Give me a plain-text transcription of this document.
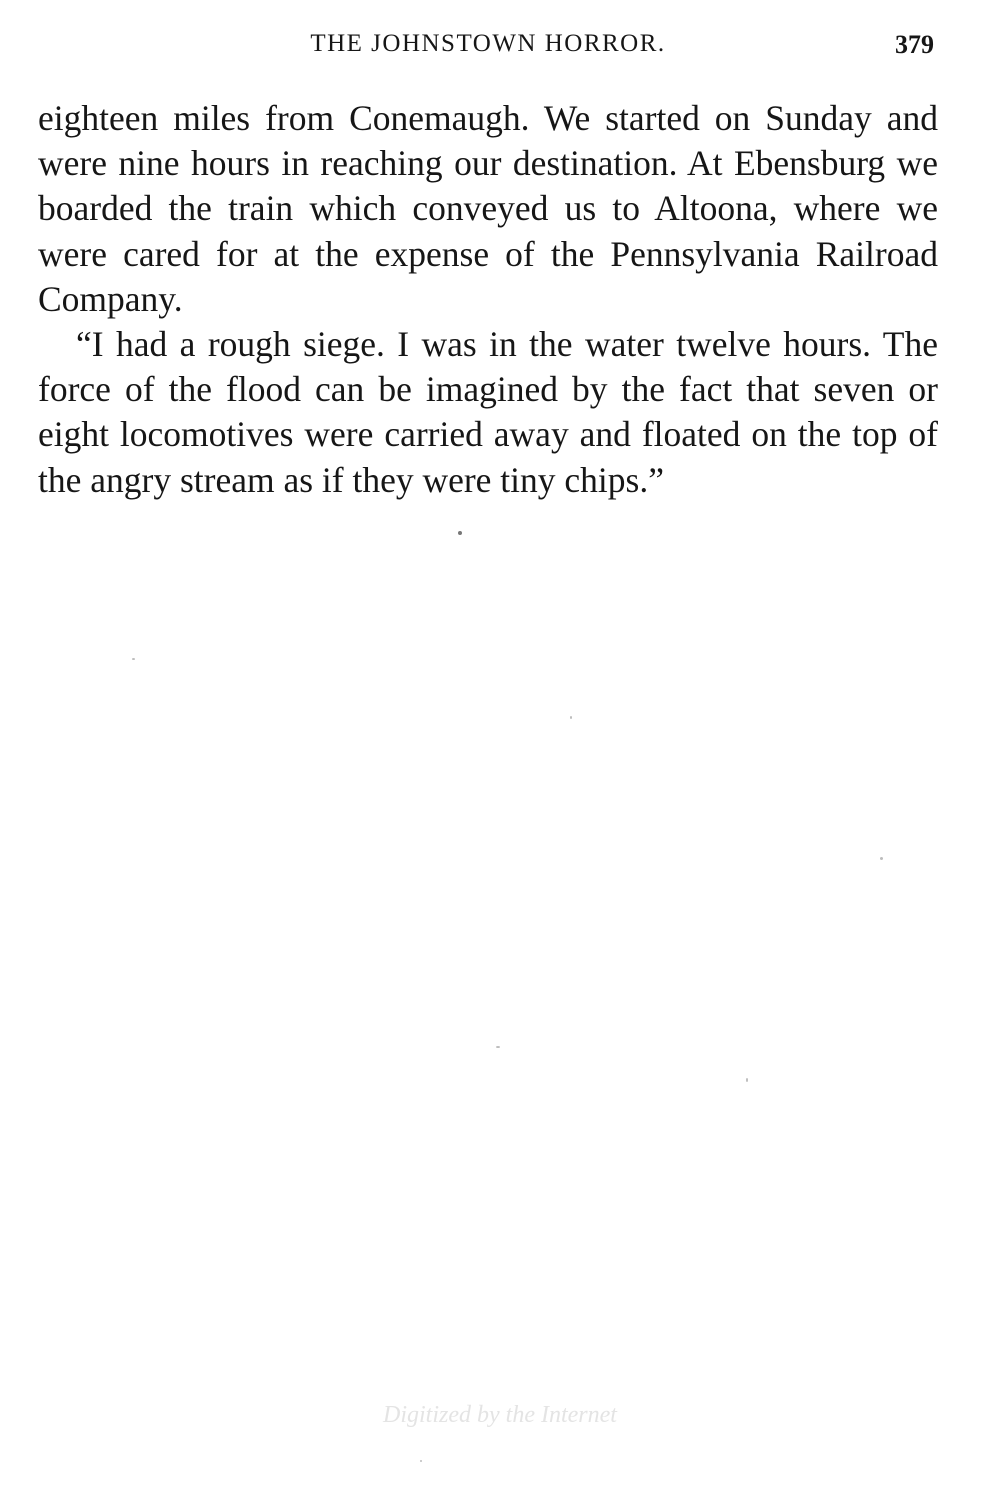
THE JOHNSTOWN HORROR.	379

eighteen miles from Conemaugh. We started on Sunday and were nine hours in reaching our destination. At Ebensburg we boarded the train which conveyed us to Altoona, where we were cared for at the expense of the Pennsylvania Railroad Company.

“I had a rough siege. I was in the water twelve hours. The force of the flood can be imagined by the fact that seven or eight locomotives were carried away and floated on the top of the angry stream as if they were tiny chips.”

Digitized by the Internet
